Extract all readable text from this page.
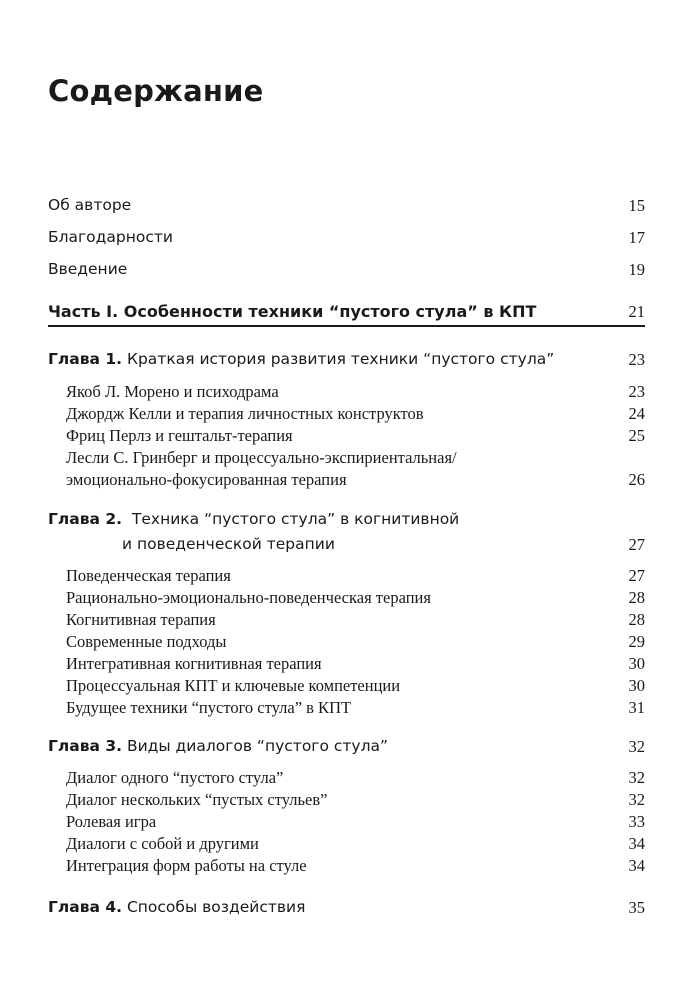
Содержание
Об авторе	15
Благодарности	17
Введение	19
Часть I. Особенности техники “пустого стула” в КПТ	21
Глава 1. Краткая история развития техники “пустого стула”	23
Якоб Л. Морено и психодрама	23
Джордж Келли и терапия личностных конструктов	24
Фриц Перлз и гештальт-терапия	25
Лесли С. Гринберг и процессуально-экспириентальная/
эмоционально-фокусированная терапия	26
Глава 2. Техника “пустого стула” в когнитивной
и поведенческой терапии	27
Поведенческая терапия	27
Рационально-эмоционально-поведенческая терапия	28
Когнитивная терапия	28
Современные подходы	29
Интегративная когнитивная терапия	30
Процессуальная КПТ и ключевые компетенции	30
Будущее техники “пустого стула” в КПТ	31
Глава 3. Виды диалогов “пустого стула”	32
Диалог одного “пустого стула”	32
Диалог нескольких “пустых стульев”	32
Ролевая игра	33
Диалоги с собой и другими	34
Интеграция форм работы на стуле	34
Глава 4. Способы воздействия	35
